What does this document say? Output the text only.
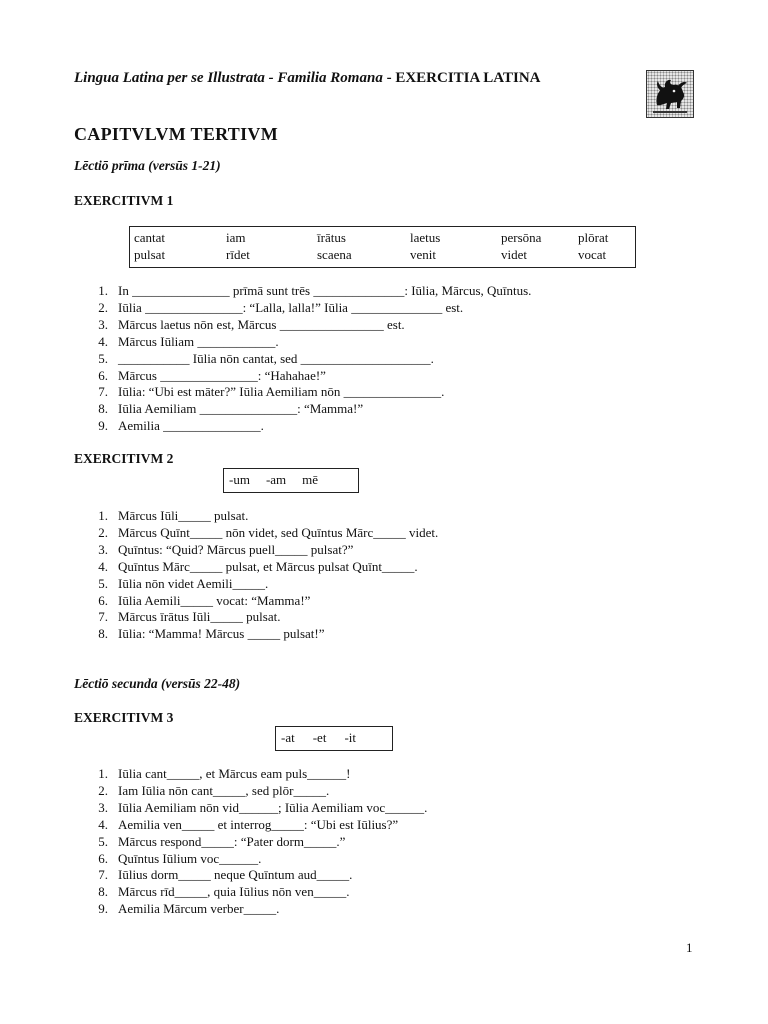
Lingua Latina per se Illustrata - Familia Romana - EXERCITIA LATINA
CAPITVLVM TERTIVM
Lēctiō prīma (versūs 1-21)
EXERCITIVM 1
cantat	iam	īrātus	laetus	persōna	plōrat
pulsat	rīdet	scaena	venit	videt	vocat
1. In _______________ prīmā sunt trēs ______________: Iūlia, Mārcus, Quīntus.
2. Iūlia _______________: “Lalla, lalla!” Iūlia ______________ est.
3. Mārcus laetus nōn est, Mārcus ________________ est.
4. Mārcus Iūliam ____________.
5. ___________ Iūlia nōn cantat, sed ____________________.
6. Mārcus _______________: “Hahahae!”
7. Iūlia: “Ubi est māter?” Iūlia Aemiliam nōn _______________.
8. Iūlia Aemiliam _______________: “Mamma!”
9. Aemilia _______________.
EXERCITIVM 2
-um -am mē
1. Mārcus Iūli_____ pulsat.
2. Mārcus Quīnt_____ nōn videt, sed Quīntus Mārc_____ videt.
3. Quīntus: “Quid? Mārcus puell_____ pulsat?”
4. Quīntus Mārc_____ pulsat, et Mārcus pulsat Quīnt_____.
5. Iūlia nōn videt Aemili_____.
6. Iūlia Aemili_____ vocat: “Mamma!”
7. Mārcus īrātus Iūli_____ pulsat.
8. Iūlia: “Mamma! Mārcus _____ pulsat!”
Lēctiō secunda (versūs 22-48)
EXERCITIVM 3
-at -et -it
1. Iūlia cant_____, et Mārcus eam puls______!
2. Iam Iūlia nōn cant_____, sed plōr_____.
3. Iūlia Aemiliam nōn vid______; Iūlia Aemiliam voc______.
4. Aemilia ven_____ et interrog_____: “Ubi est Iūlius?”
5. Mārcus respond_____: “Pater dorm_____.”
6. Quīntus Iūlium voc______.
7. Iūlius dorm_____ neque Quīntum aud_____.
8. Mārcus rīd_____, quia Iūlius nōn ven_____.
9. Aemilia Mārcum verber_____.
1
